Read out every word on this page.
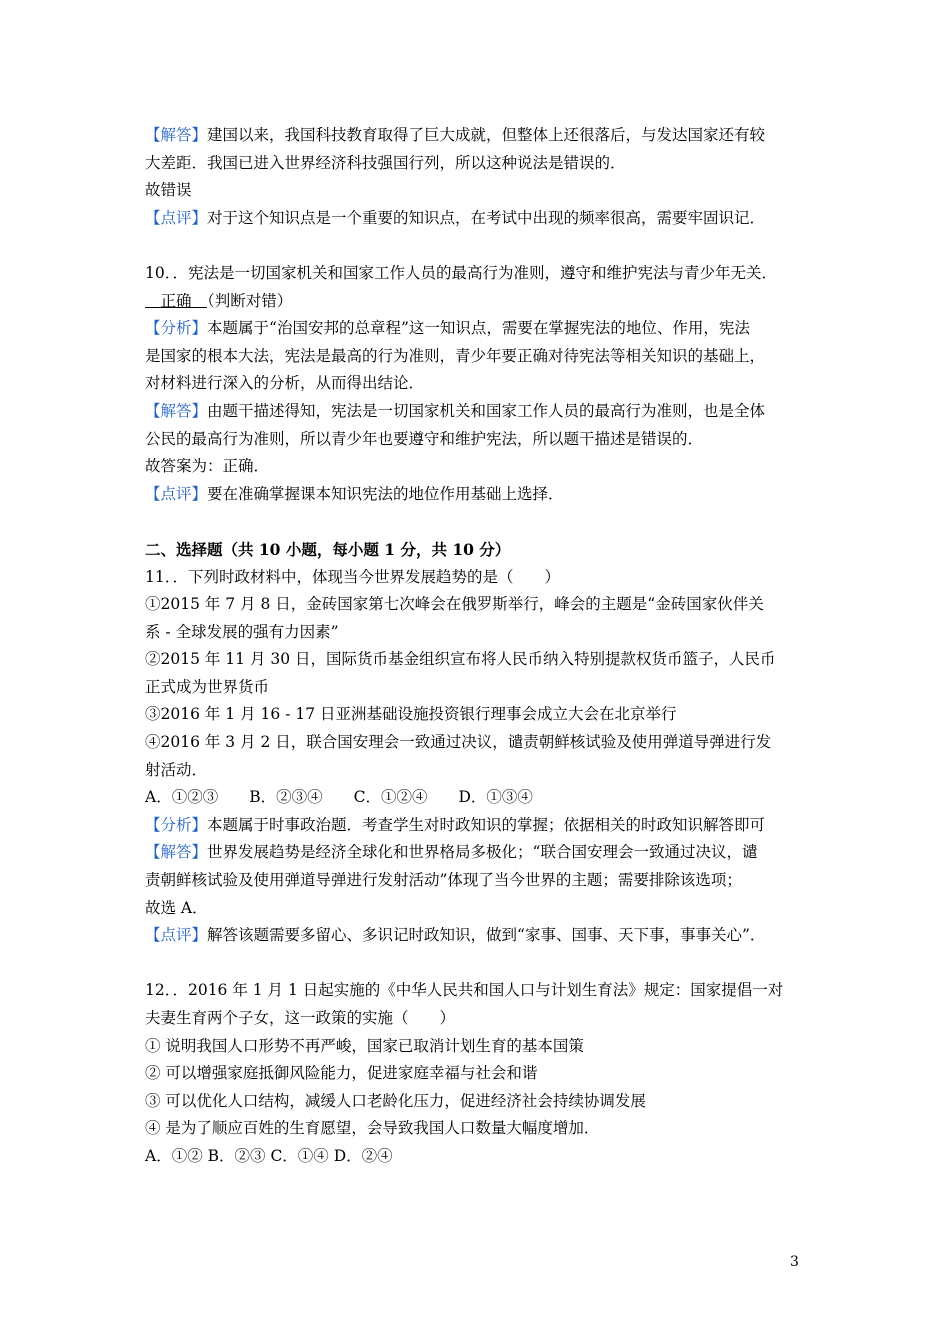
【解答】建国以来，我国科技教育取得了巨大成就，但整体上还很落后，与发达国家还有较
大差距．我国已进入世界经济科技强国行列，所以这种说法是错误的．
故错误
【点评】对于这个知识点是一个重要的知识点，在考试中出现的频率很高，需要牢固识记．
10．．宪法是一切国家机关和国家工作人员的最高行为准则，遵守和维护宪法与青少年无关．
　正确　（判断对错）
【分析】本题属于“治国安邦的总章程”这一知识点，需要在掌握宪法的地位、作用，宪法
是国家的根本大法，宪法是最高的行为准则，青少年要正确对待宪法等相关知识的基础上，
对材料进行深入的分析，从而得出结论．
【解答】由题干描述得知，宪法是一切国家机关和国家工作人员的最高行为准则，也是全体
公民的最高行为准则，所以青少年也要遵守和维护宪法，所以题干描述是错误的．
故答案为：正确．
【点评】要在准确掌握课本知识宪法的地位作用基础上选择．
二、选择题（共 10 小题，每小题 1 分，共 10 分）
11．．下列时政材料中，体现当今世界发展趋势的是（　　）
①2015 年 7 月 8 日，金砖国家第七次峰会在俄罗斯举行，峰会的主题是“金砖国家伙伴关
系 - 全球发展的强有力因素”
②2015 年 11 月 30 日，国际货币基金组织宣布将人民币纳入特别提款权货币篮子，人民币
正式成为世界货币
③2016 年 1 月 16 - 17 日亚洲基础设施投资银行理事会成立大会在北京举行
④2016 年 3 月 2 日，联合国安理会一致通过决议，谴责朝鲜核试验及使用弹道导弹进行发
射活动．
A．①②③　　B．②③④　　C．①②④　　D．①③④
【分析】本题属于时事政治题．考查学生对时政知识的掌握；依据相关的时政知识解答即可
【解答】世界发展趋势是经济全球化和世界格局多极化；“联合国安理会一致通过决议，谴
责朝鲜核试验及使用弹道导弹进行发射活动”体现了当今世界的主题；需要排除该选项；
故选 A．
【点评】解答该题需要多留心、多识记时政知识，做到“家事、国事、天下事，事事关心”．
12．．2016 年 1 月 1 日起实施的《中华人民共和国人口与计划生育法》规定：国家提倡一对
夫妻生育两个子女，这一政策的实施（　　）
① 说明我国人口形势不再严峻，国家已取消计划生育的基本国策
② 可以增强家庭抵御风险能力，促进家庭幸福与社会和谐
③ 可以优化人口结构，减缓人口老龄化压力，促进经济社会持续协调发展
④ 是为了顺应百姓的生育愿望，会导致我国人口数量大幅度增加．
A．①② B．②③ C．①④ D．②④
3
